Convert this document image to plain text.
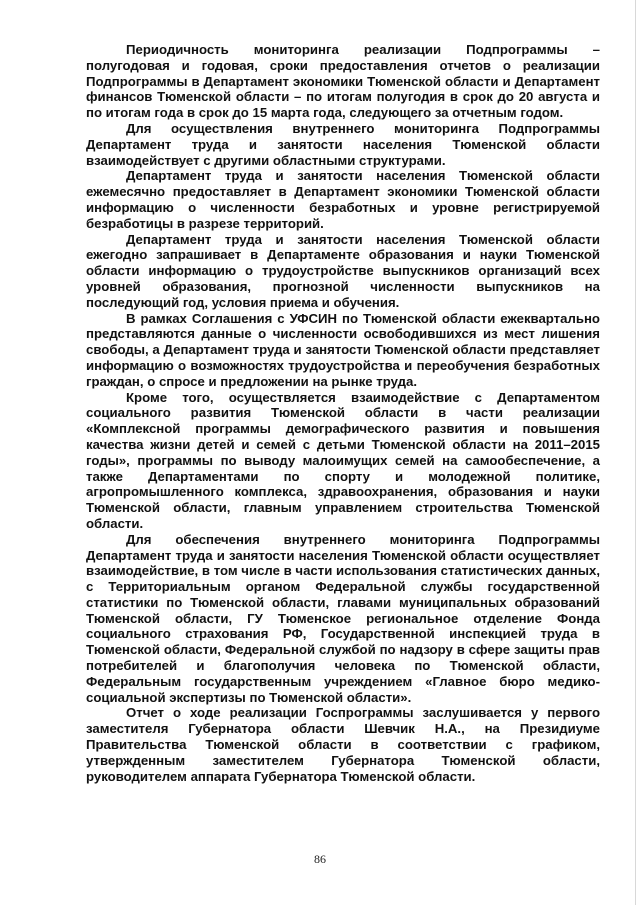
Периодичность мониторинга реализации Подпрограммы – полугодовая и годовая, сроки предоставления отчетов о реализации Подпрограммы в Департамент экономики Тюменской области и Департамент финансов Тюменской области – по итогам полугодия в срок до 20 августа и по итогам года в срок до 15 марта года, следующего за отчетным годом.

Для осуществления внутреннего мониторинга Подпрограммы Департамент труда и занятости населения Тюменской области взаимодействует с другими областными структурами.

Департамент труда и занятости населения Тюменской области ежемесячно предоставляет в Департамент экономики Тюменской области информацию о численности безработных и уровне регистрируемой безработицы в разрезе территорий.

Департамент труда и занятости населения Тюменской области ежегодно запрашивает в Департаменте образования и науки Тюменской области информацию о трудоустройстве выпускников организаций всех уровней образования, прогнозной численности выпускников на последующий год, условия приема и обучения.

В рамках Соглашения с УФСИН по Тюменской области ежеквартально представляются данные о численности освободившихся из мест лишения свободы, а Департамент труда и занятости Тюменской области представляет информацию о возможностях трудоустройства и переобучения безработных граждан, о спросе и предложении на рынке труда.

Кроме того, осуществляется взаимодействие с Департаментом социального развития Тюменской области в части реализации «Комплексной программы демографического развития и повышения качества жизни детей и семей с детьми Тюменской области на 2011–2015 годы», программы по выводу малоимущих семей на самообеспечение, а также Департаментами по спорту и молодежной политике, агропромышленного комплекса, здравоохранения, образования и науки Тюменской области, главным управлением строительства Тюменской области.

Для обеспечения внутреннего мониторинга Подпрограммы Департамент труда и занятости населения Тюменской области осуществляет взаимодействие, в том числе в части использования статистических данных, с Территориальным органом Федеральной службы государственной статистики по Тюменской области, главами муниципальных образований Тюменской области, ГУ Тюменское региональное отделение Фонда социального страхования РФ, Государственной инспекцией труда в Тюменской области, Федеральной службой по надзору в сфере защиты прав потребителей и благополучия человека по Тюменской области, Федеральным государственным учреждением «Главное бюро медико-социальной экспертизы по Тюменской области».

Отчет о ходе реализации Госпрограммы заслушивается у первого заместителя Губернатора области Шевчик Н.А., на Президиуме Правительства Тюменской области в соответствии с графиком, утвержденным заместителем Губернатора Тюменской области, руководителем аппарата Губернатора Тюменской области.

86
